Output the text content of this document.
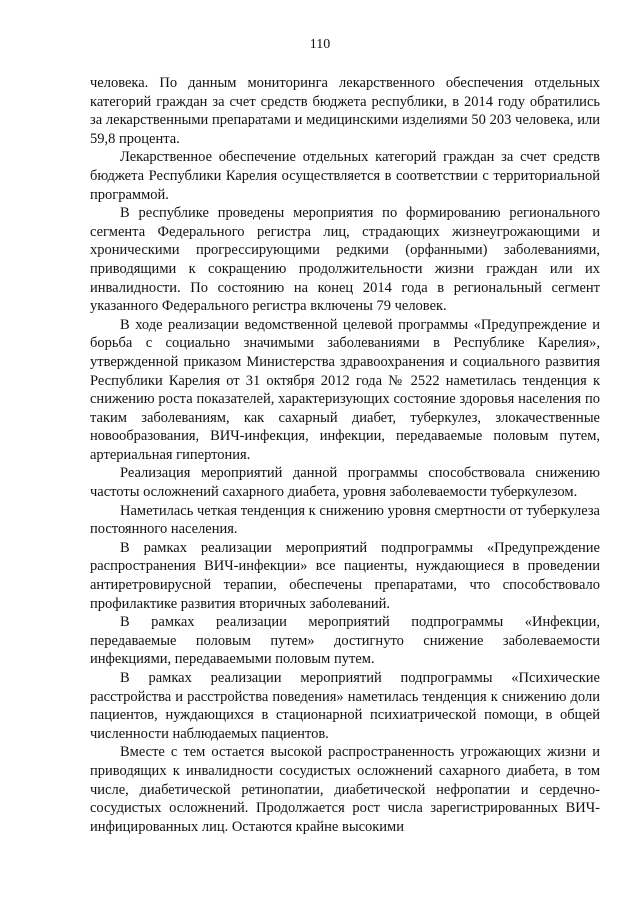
110

человека. По данным мониторинга лекарственного обеспечения отдельных категорий граждан за счет средств бюджета республики, в 2014 году обратились за лекарственными препаратами и медицинскими изделиями 50 203 человека, или 59,8 процента.

Лекарственное обеспечение отдельных категорий граждан за счет средств бюджета Республики Карелия осуществляется в соответствии с территориальной программой.

В республике проведены мероприятия по формированию регионального сегмента Федерального регистра лиц, страдающих жизнеугрожающими и хроническими прогрессирующими редкими (орфанными) заболеваниями, приводящими к сокращению продолжительности жизни граждан или их инвалидности. По состоянию на конец 2014 года в региональный сегмент указанного Федерального регистра включены 79 человек.

В ходе реализации ведомственной целевой программы «Предупреждение и борьба с социально значимыми заболеваниями в Республике Карелия», утвержденной приказом Министерства здравоохранения и социального развития Республики Карелия от 31 октября 2012 года № 2522 наметилась тенденция к снижению роста показателей, характеризующих состояние здоровья населения по таким заболеваниям, как сахарный диабет, туберкулез, злокачественные новообразования, ВИЧ-инфекция, инфекции, передаваемые половым путем, артериальная гипертония.

Реализация мероприятий данной программы способствовала снижению частоты осложнений сахарного диабета, уровня заболеваемости туберкулезом.

Наметилась четкая тенденция к снижению уровня смертности от туберкулеза постоянного населения.

В рамках реализации мероприятий подпрограммы «Предупреждение распространения ВИЧ-инфекции» все пациенты, нуждающиеся в проведении антиретровирусной терапии, обеспечены препаратами, что способствовало профилактике развития вторичных заболеваний.

В рамках реализации мероприятий подпрограммы «Инфекции, передаваемые половым путем» достигнуто снижение заболеваемости инфекциями, передаваемыми половым путем.

В рамках реализации мероприятий подпрограммы «Психические расстройства и расстройства поведения» наметилась тенденция к снижению доли пациентов, нуждающихся в стационарной психиатрической помощи, в общей численности наблюдаемых пациентов.

Вместе с тем остается высокой распространенность угрожающих жизни и приводящих к инвалидности сосудистых осложнений сахарного диабета, в том числе, диабетической ретинопатии, диабетической нефропатии и сердечно-сосудистых осложнений. Продолжается рост числа зарегистрированных ВИЧ-инфицированных лиц. Остаются крайне высокими
